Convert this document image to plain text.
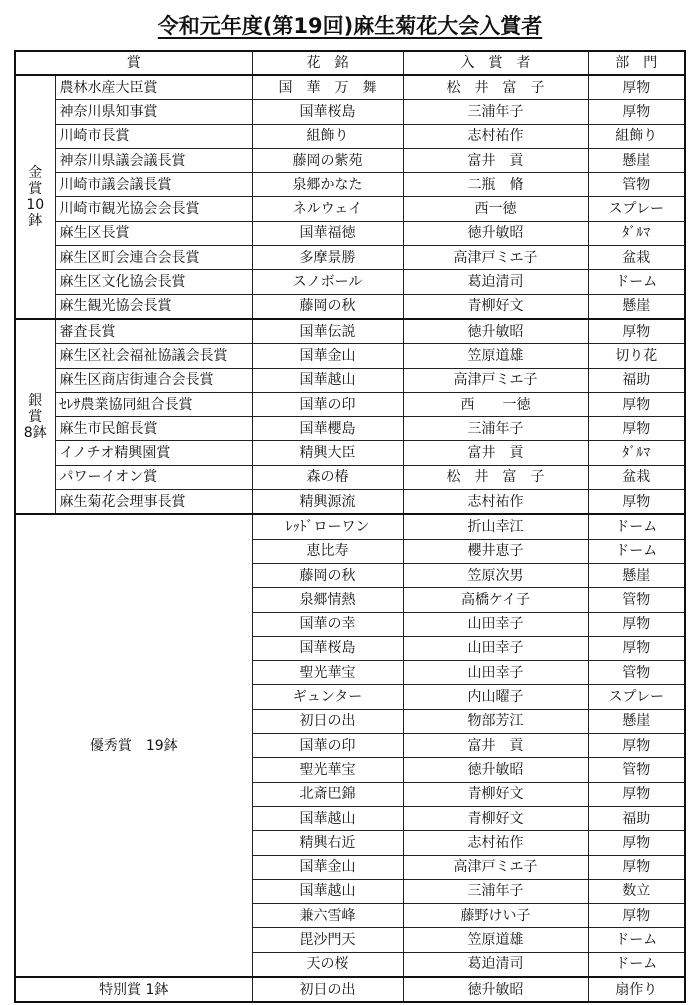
令和元年度(第19回)麻生菊花大会入賞者
賞		花　銘	入　賞　者	部　門

金
賞
10
鉢	農林水産大臣賞	国　華　万　舞	松　井　富　子	厚物
	神奈川県知事賞	国華桜島	三浦年子	厚物
	川崎市長賞	組飾り	志村祐作	組飾り
	神奈川県議会議長賞	藤岡の紫苑	富井　貢	懸崖
	川崎市議会議長賞	泉郷かなた	二瓶　脩	管物
	川崎市観光協会会長賞	ネルウェイ	西一徳	スプレー
	麻生区長賞	国華福徳	徳升敏昭	ﾀﾞﾙﾏ
	麻生区町会連合会長賞	多摩景勝	高津戸ミエ子	盆栽
	麻生区文化協会長賞	スノボール	葛迫清司	ドーム
	麻生観光協会長賞	藤岡の秋	青柳好文	懸崖

銀
賞
8鉢	審査長賞	国華伝説	徳升敏昭	厚物
	麻生区社会福祉協議会長賞	国華金山	笠原道雄	切り花
	麻生区商店街連合会長賞	国華越山	高津戸ミエ子	福助
	ｾﾚｻ農業協同組合長賞	国華の印	西　　一徳	厚物
	麻生市民館長賞	国華櫻島	三浦年子	厚物
	イノチオ精興園賞	精興大臣	富井　貢	ﾀﾞﾙﾏ
	パワーイオン賞	森の椿	松　井　富　子	盆栽
	麻生菊花会理事長賞	精興源流	志村祐作	厚物
優秀賞　19鉢		ﾚｯﾄﾞローワン	折山幸江	ドーム
		恵比寿	櫻井恵子	ドーム
		藤岡の秋	笠原次男	懸崖
		泉郷情熱	高橋ケイ子	管物
		国華の幸	山田幸子	厚物
		国華桜島	山田幸子	厚物
		聖光華宝	山田幸子	管物
		ギュンター	内山曜子	スプレー
		初日の出	物部芳江	懸崖
		国華の印	富井　貢	厚物
		聖光華宝	徳升敏昭	管物
		北斎巴錦	青柳好文	厚物
		国華越山	青柳好文	福助
		精興右近	志村祐作	厚物
		国華金山	高津戸ミエ子	厚物
		国華越山	三浦年子	数立
		兼六雪峰	藤野けい子	厚物
		毘沙門天	笠原道雄	ドーム
		天の桜	葛迫清司	ドーム
特別賞 1鉢		初日の出	徳升敏昭	扇作り
